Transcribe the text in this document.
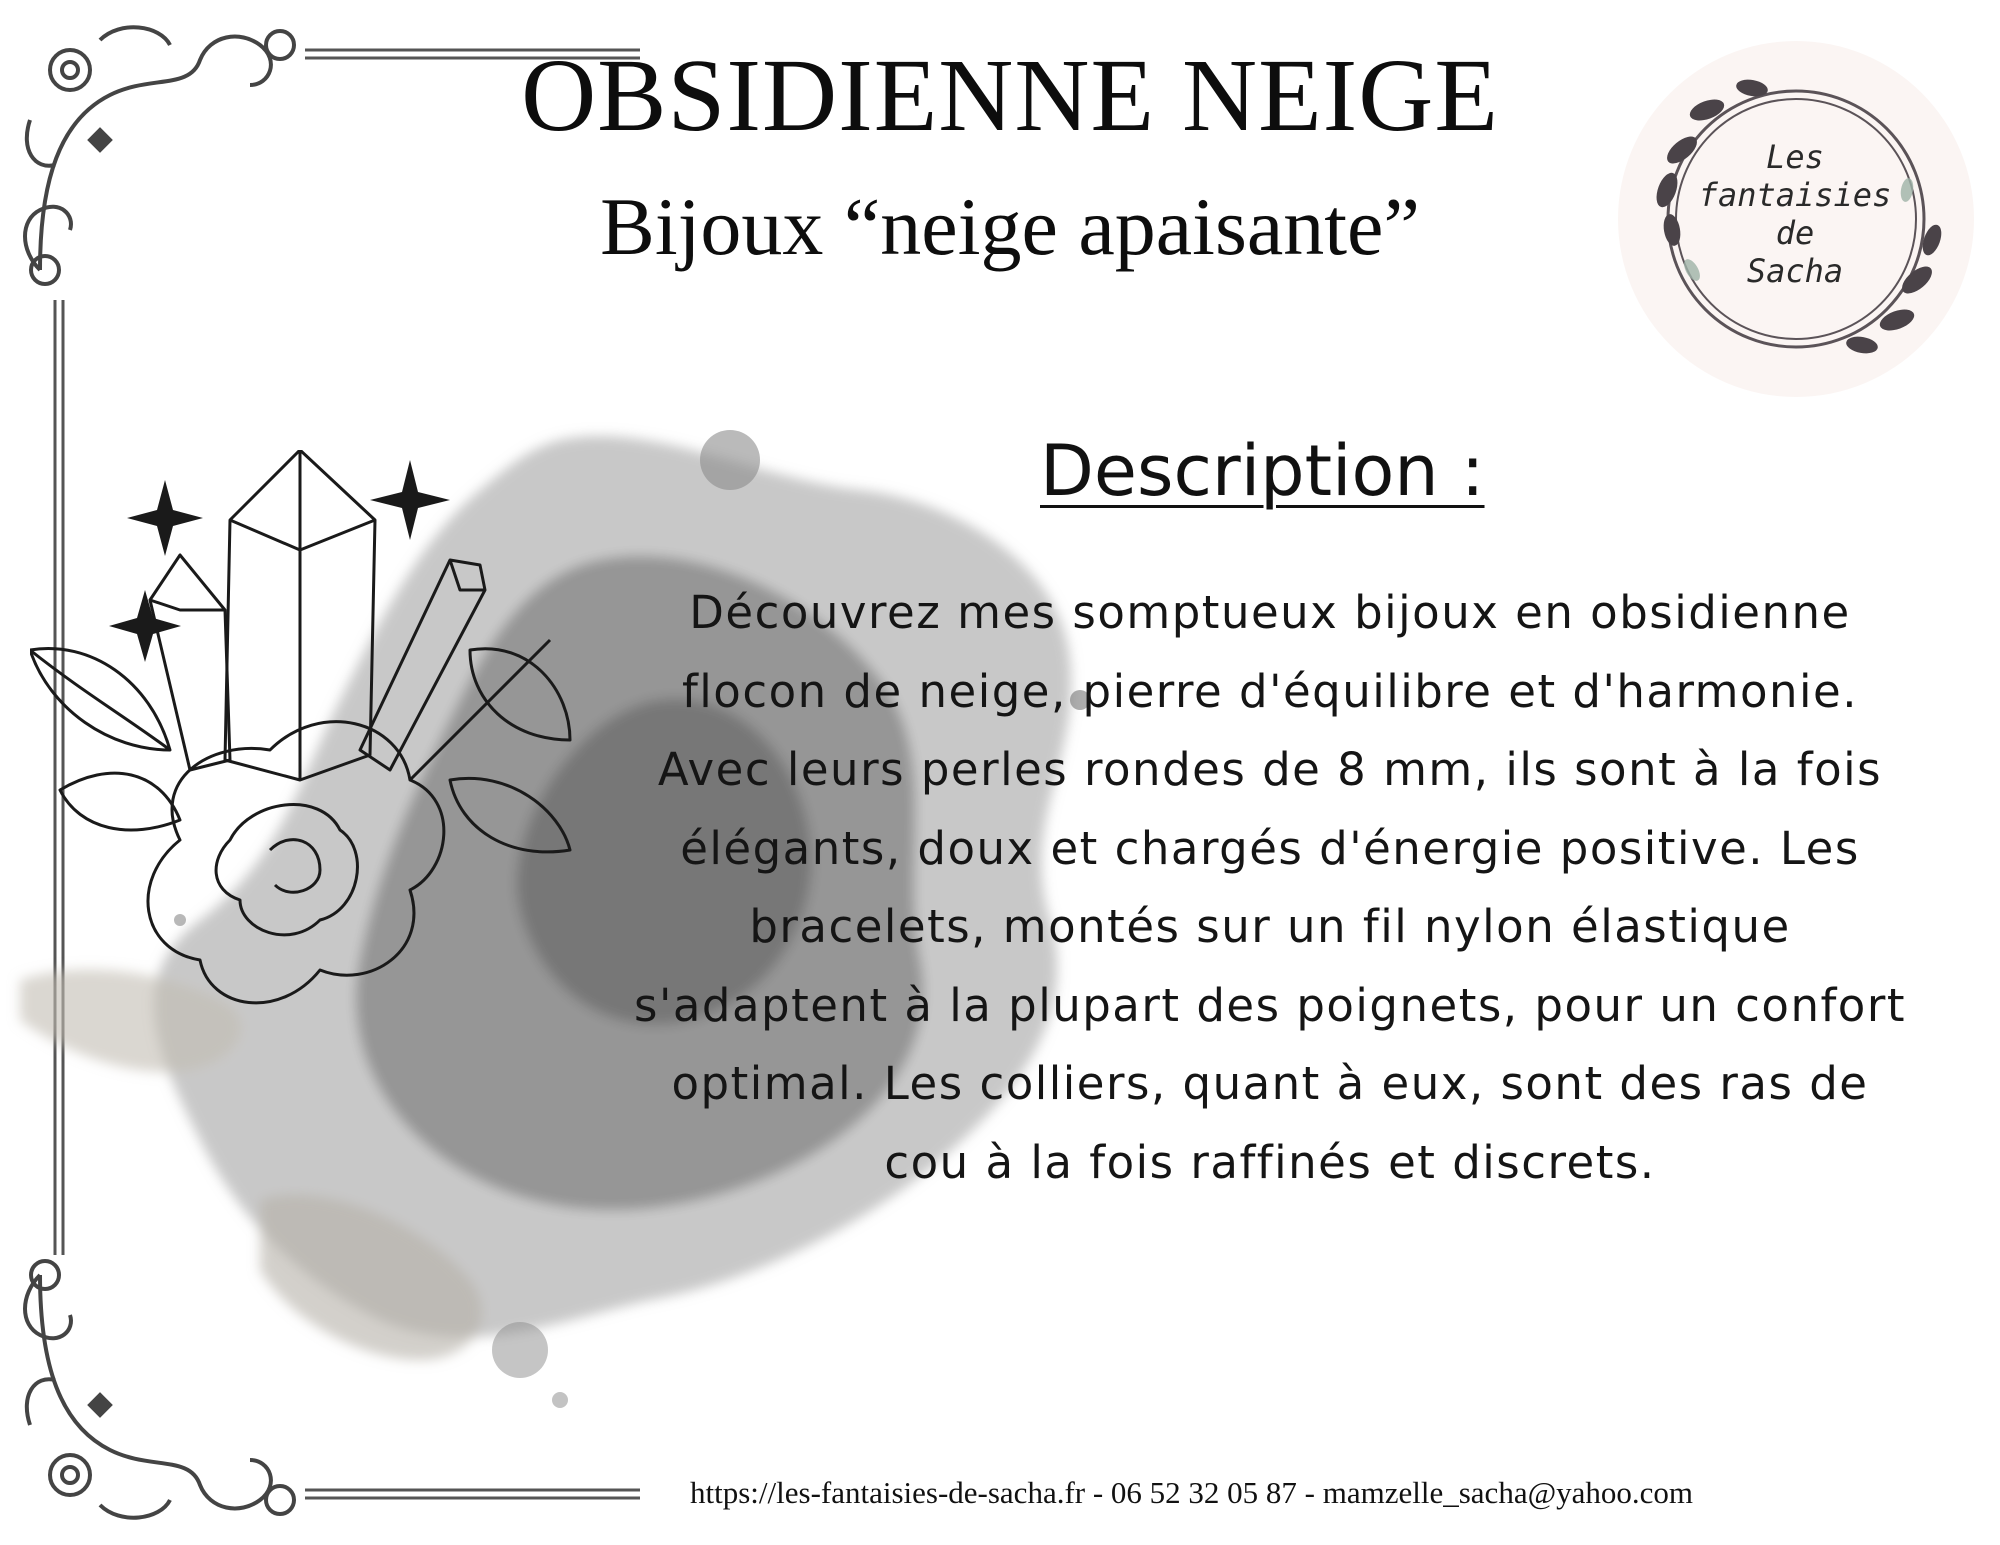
OBSIDIENNE NEIGE
Bijoux “neige apaisante”
Les
fantaisies
de
Sacha
Description :
Découvrez mes somptueux bijoux en obsidienne flocon de neige, pierre d'équilibre et d'harmonie. Avec leurs perles rondes de 8 mm, ils sont à la fois élégants, doux et chargés d'énergie positive. Les bracelets, montés sur un fil nylon élastique s'adaptent à la plupart des poignets, pour un confort optimal. Les colliers, quant à eux, sont des ras de cou à la fois raffinés et discrets.
https://les-fantaisies-de-sacha.fr - 06 52 32 05 87 - mamzelle_sacha@yahoo.com
